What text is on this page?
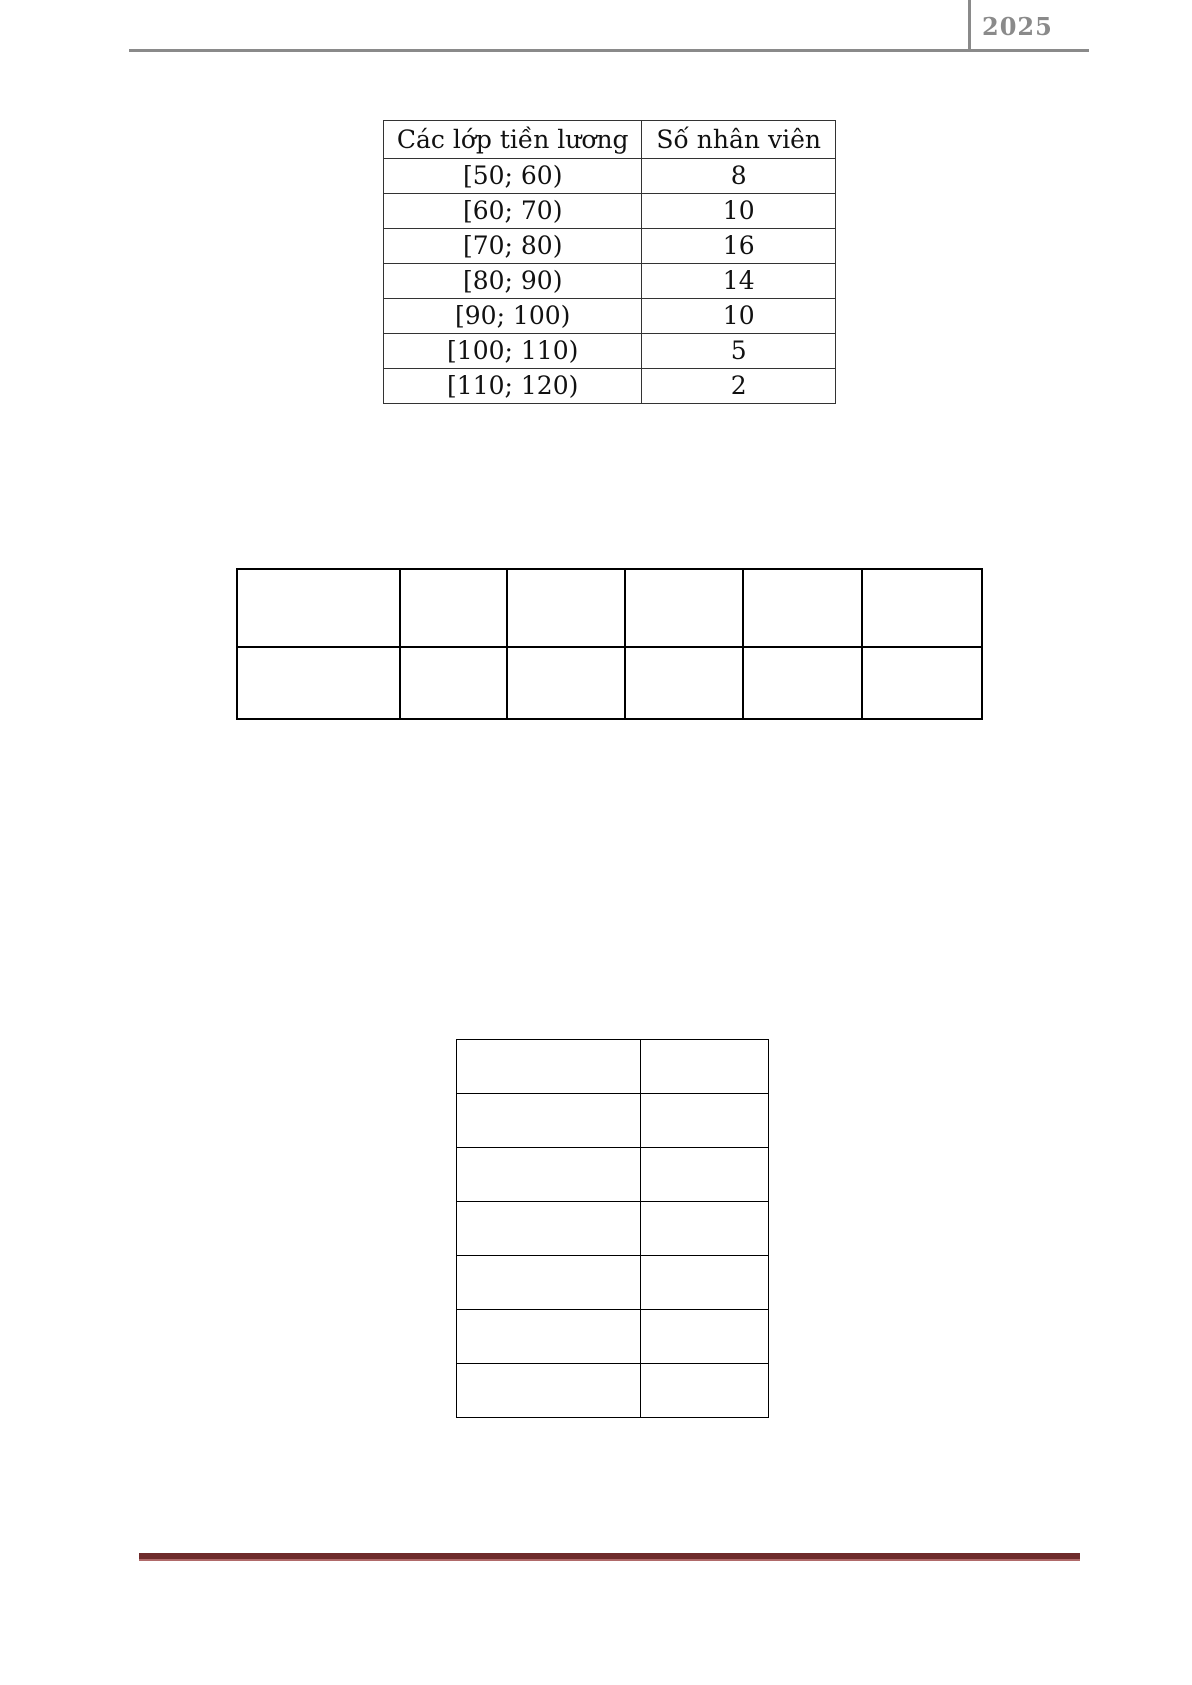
2025
Các lớp tiền lương	Số nhân viên
[50; 60)	8
[60; 70)	10
[70; 80)	16
[80; 90)	14
[90; 100)	10
[100; 110)	5
[110; 120)	2
